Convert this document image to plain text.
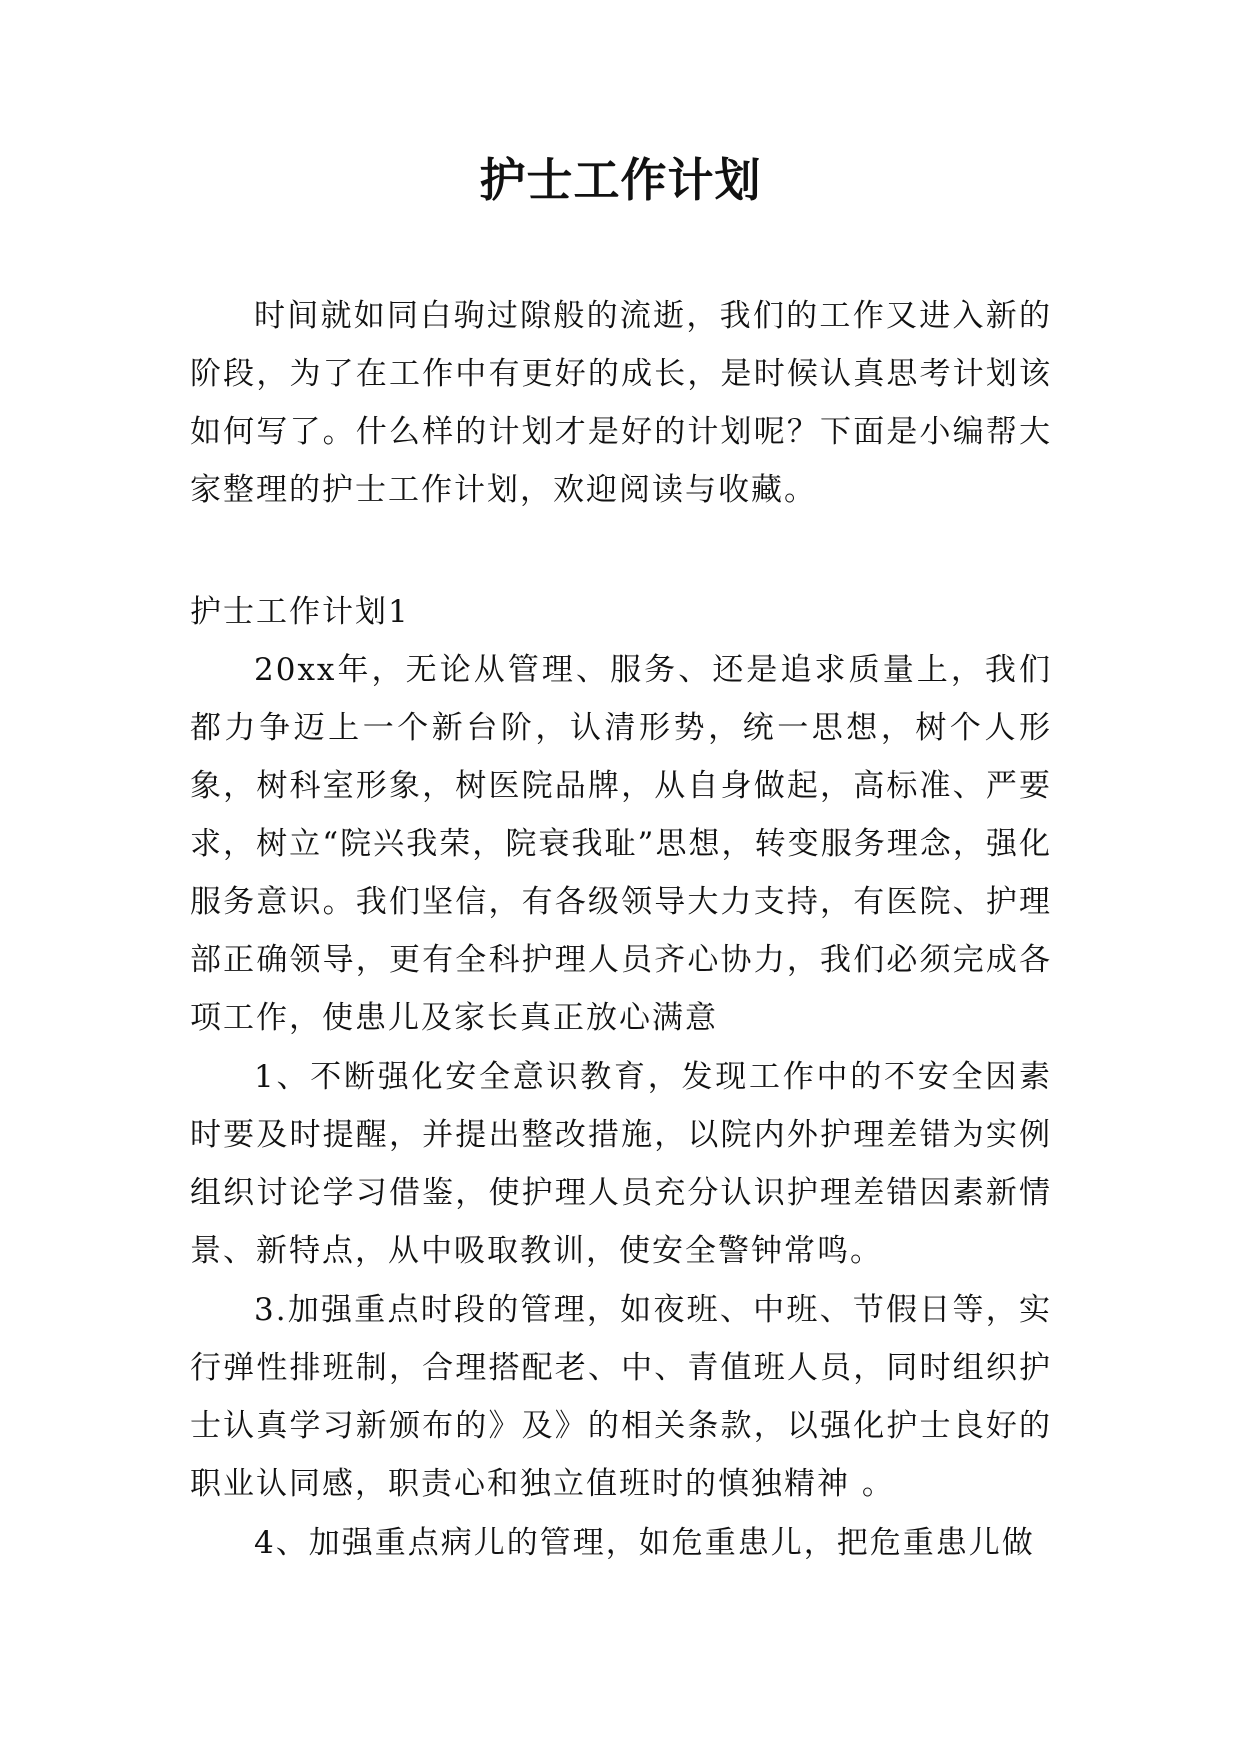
护士工作计划

时间就如同白驹过隙般的流逝，我们的工作又进入新的阶段，为了在工作中有更好的成长，是时候认真思考计划该如何写了。什么样的计划才是好的计划呢？下面是小编帮大家整理的护士工作计划，欢迎阅读与收藏。

护士工作计划1

20xx年，无论从管理、服务、还是追求质量上，我们都力争迈上一个新台阶，认清形势，统一思想，树个人形象，树科室形象，树医院品牌，从自身做起，高标准、严要求，树立“院兴我荣，院衰我耻”思想，转变服务理念，强化服务意识。我们坚信，有各级领导大力支持，有医院、护理部正确领导，更有全科护理人员齐心协力，我们必须完成各项工作，使患儿及家长真正放心满意

1、不断强化安全意识教育，发现工作中的不安全因素时要及时提醒，并提出整改措施，以院内外护理差错为实例组织讨论学习借鉴，使护理人员充分认识护理差错因素新情景、新特点，从中吸取教训，使安全警钟常鸣。

3.加强重点时段的管理，如夜班、中班、节假日等，实行弹性排班制，合理搭配老、中、青值班人员，同时组织护士认真学习新颁布的》及》的相关条款，以强化护士良好的职业认同感，职责心和独立值班时的慎独精神 。

4、加强重点病儿的管理，如危重患儿，把危重患儿做
